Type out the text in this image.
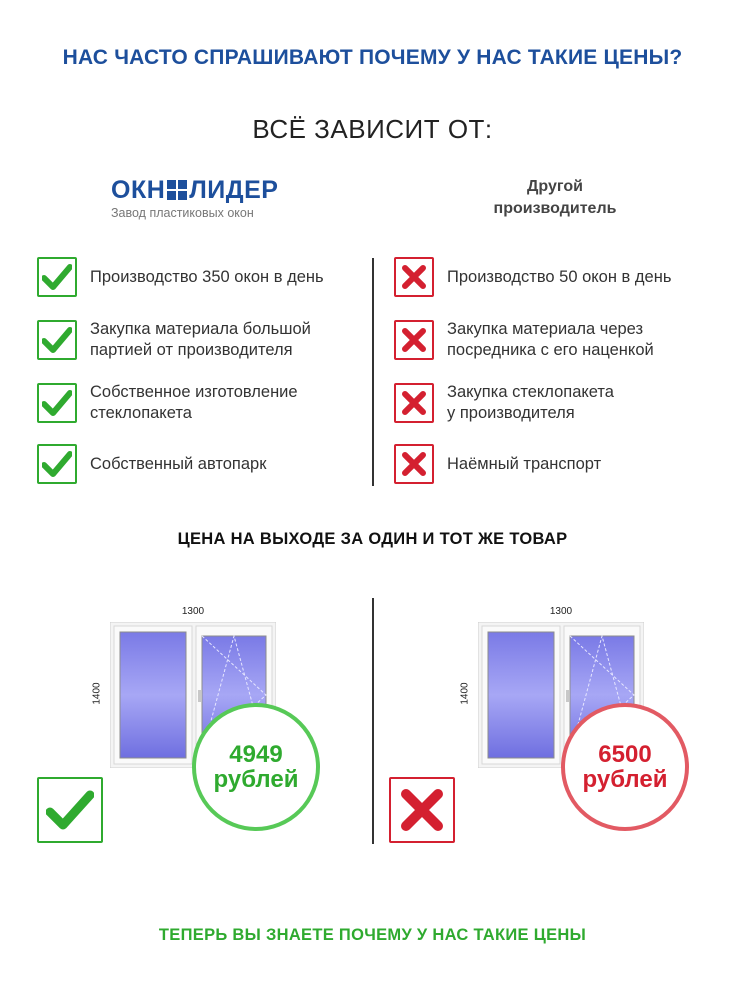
НАС ЧАСТО СПРАШИВАЮТ ПОЧЕМУ У НАС ТАКИЕ ЦЕНЫ?
ВСЁ ЗАВИСИТ ОТ:
ОКН ЛИДЕР
Завод пластиковых окон
Другой
производитель
Производство 350 окон в день
Закупка материала большой
партией от производителя
Собственное изготовление
стеклопакета
Собственный автопарк
Производство 50 окон в день
Закупка материала через
посредника с его наценкой
Закупка стеклопакета
у производителя
Наёмный транспорт
ЦЕНА НА ВЫХОДЕ ЗА ОДИН И ТОТ ЖЕ ТОВАР
1300
1400
4949
рублей
1300
1400
6500
рублей
ТЕПЕРЬ ВЫ ЗНАЕТЕ ПОЧЕМУ У НАС ТАКИЕ ЦЕНЫ
